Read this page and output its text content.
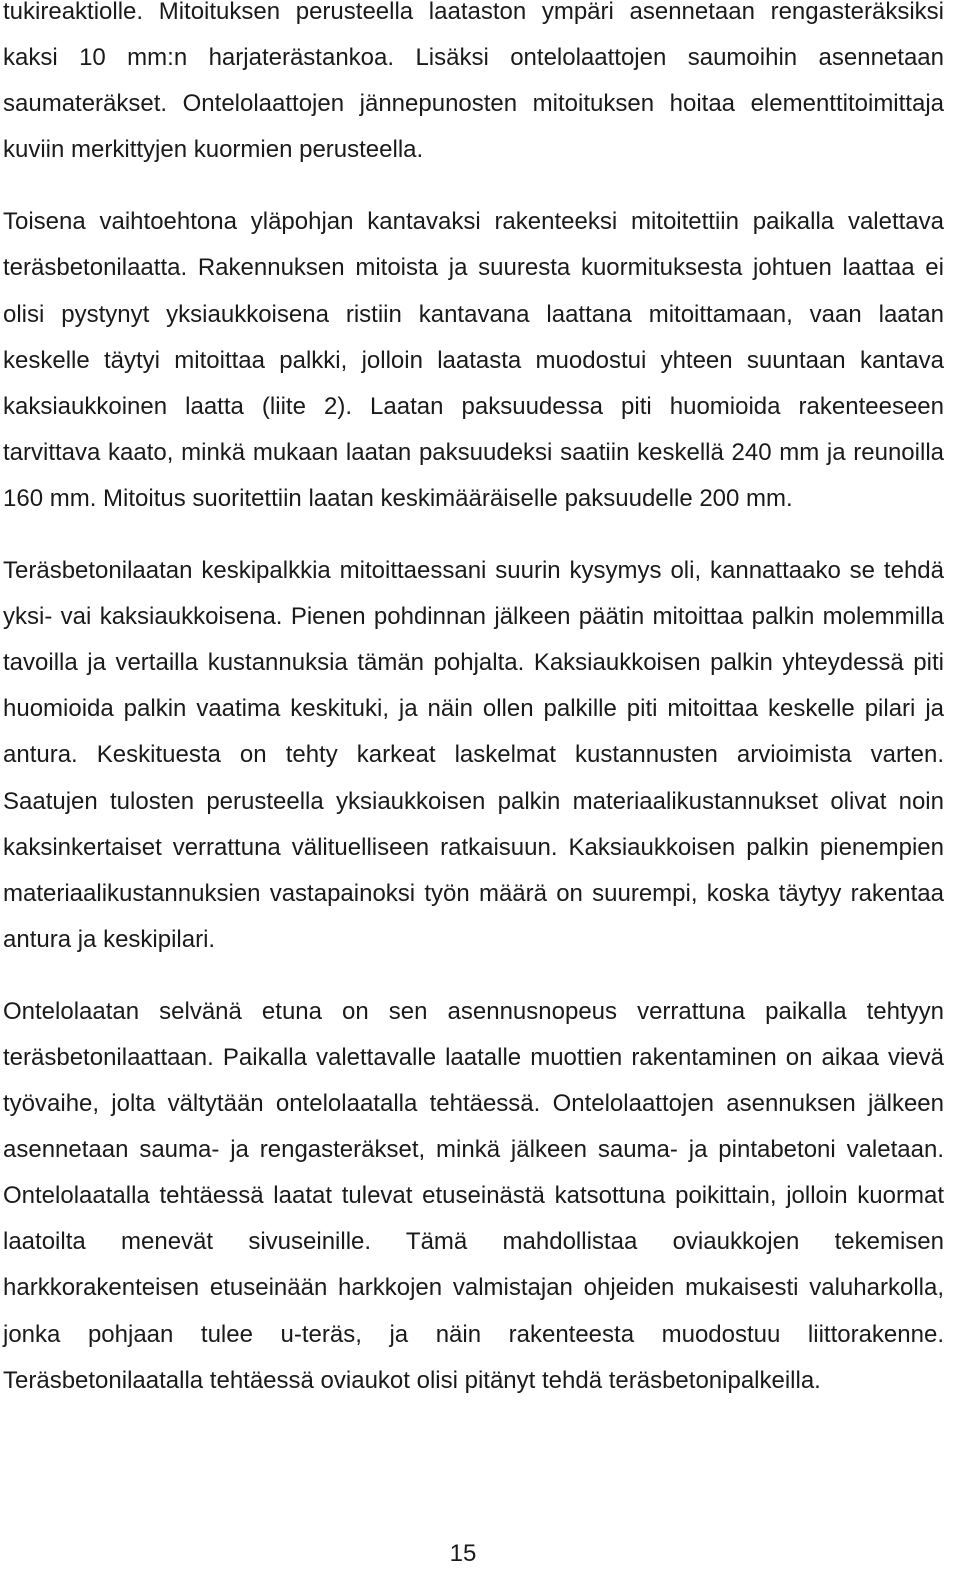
tukireaktiolle. Mitoituksen perusteella laataston ympäri asennetaan rengasteräksiksi kaksi 10 mm:n harjaterästankoa. Lisäksi ontelolaattojen saumoihin asennetaan saumateräkset. Ontelolaattojen jännepunosten mitoituksen hoitaa elementtitoimittaja kuviin merkittyjen kuormien perusteella.

Toisena vaihtoehtona yläpohjan kantavaksi rakenteeksi mitoitettiin paikalla valettava teräsbetonilaatta. Rakennuksen mitoista ja suuresta kuormituksesta johtuen laattaa ei olisi pystynyt yksiaukkoisena ristiin kantavana laattana mitoittamaan, vaan laatan keskelle täytyi mitoittaa palkki, jolloin laatasta muodostui yhteen suuntaan kantava kaksiaukkoinen laatta (liite 2). Laatan paksuudessa piti huomioida rakenteeseen tarvittava kaato, minkä mukaan laatan paksuudeksi saatiin keskellä 240 mm ja reunoilla 160 mm. Mitoitus suoritettiin laatan keskimääräiselle paksuudelle 200 mm.

Teräsbetonilaatan keskipalkkia mitoittaessani suurin kysymys oli, kannattaako se tehdä yksi- vai kaksiaukkoisena. Pienen pohdinnan jälkeen päätin mitoittaa palkin molemmilla tavoilla ja vertailla kustannuksia tämän pohjalta. Kaksiaukkoisen palkin yhteydessä piti huomioida palkin vaatima keskituki, ja näin ollen palkille piti mitoittaa keskelle pilari ja antura. Keskituesta on tehty karkeat laskelmat kustannusten arvioimista varten. Saatujen tulosten perusteella yksiaukkoisen palkin materiaalikustannukset olivat noin kaksinkertaiset verrattuna välituelliseen ratkaisuun. Kaksiaukkoisen palkin pienempien materiaalikustannuksien vastapainoksi työn määrä on suurempi, koska täytyy rakentaa antura ja keskipilari.

Ontelolaatan selvänä etuna on sen asennusnopeus verrattuna paikalla tehtyyn teräsbetonilaattaan. Paikalla valettavalle laatalle muottien rakentaminen on aikaa vievä työvaihe, jolta vältytään ontelolaatalla tehtäessä. Ontelolaattojen asennuksen jälkeen asennetaan sauma- ja rengasteräkset, minkä jälkeen sauma- ja pintabetoni valetaan. Ontelolaatalla tehtäessä laatat tulevat etuseinästä katsottuna poikittain, jolloin kuormat laatoilta menevät sivuseinille. Tämä mahdollistaa oviaukkojen tekemisen harkkorakenteisen etuseinään harkkojen valmistajan ohjeiden mukaisesti valuharkolla, jonka pohjaan tulee u-teräs, ja näin rakenteesta muodostuu liittorakenne. Teräsbetonilaatalla tehtäessä oviaukot olisi pitänyt tehdä teräsbetonipalkeilla.

15
